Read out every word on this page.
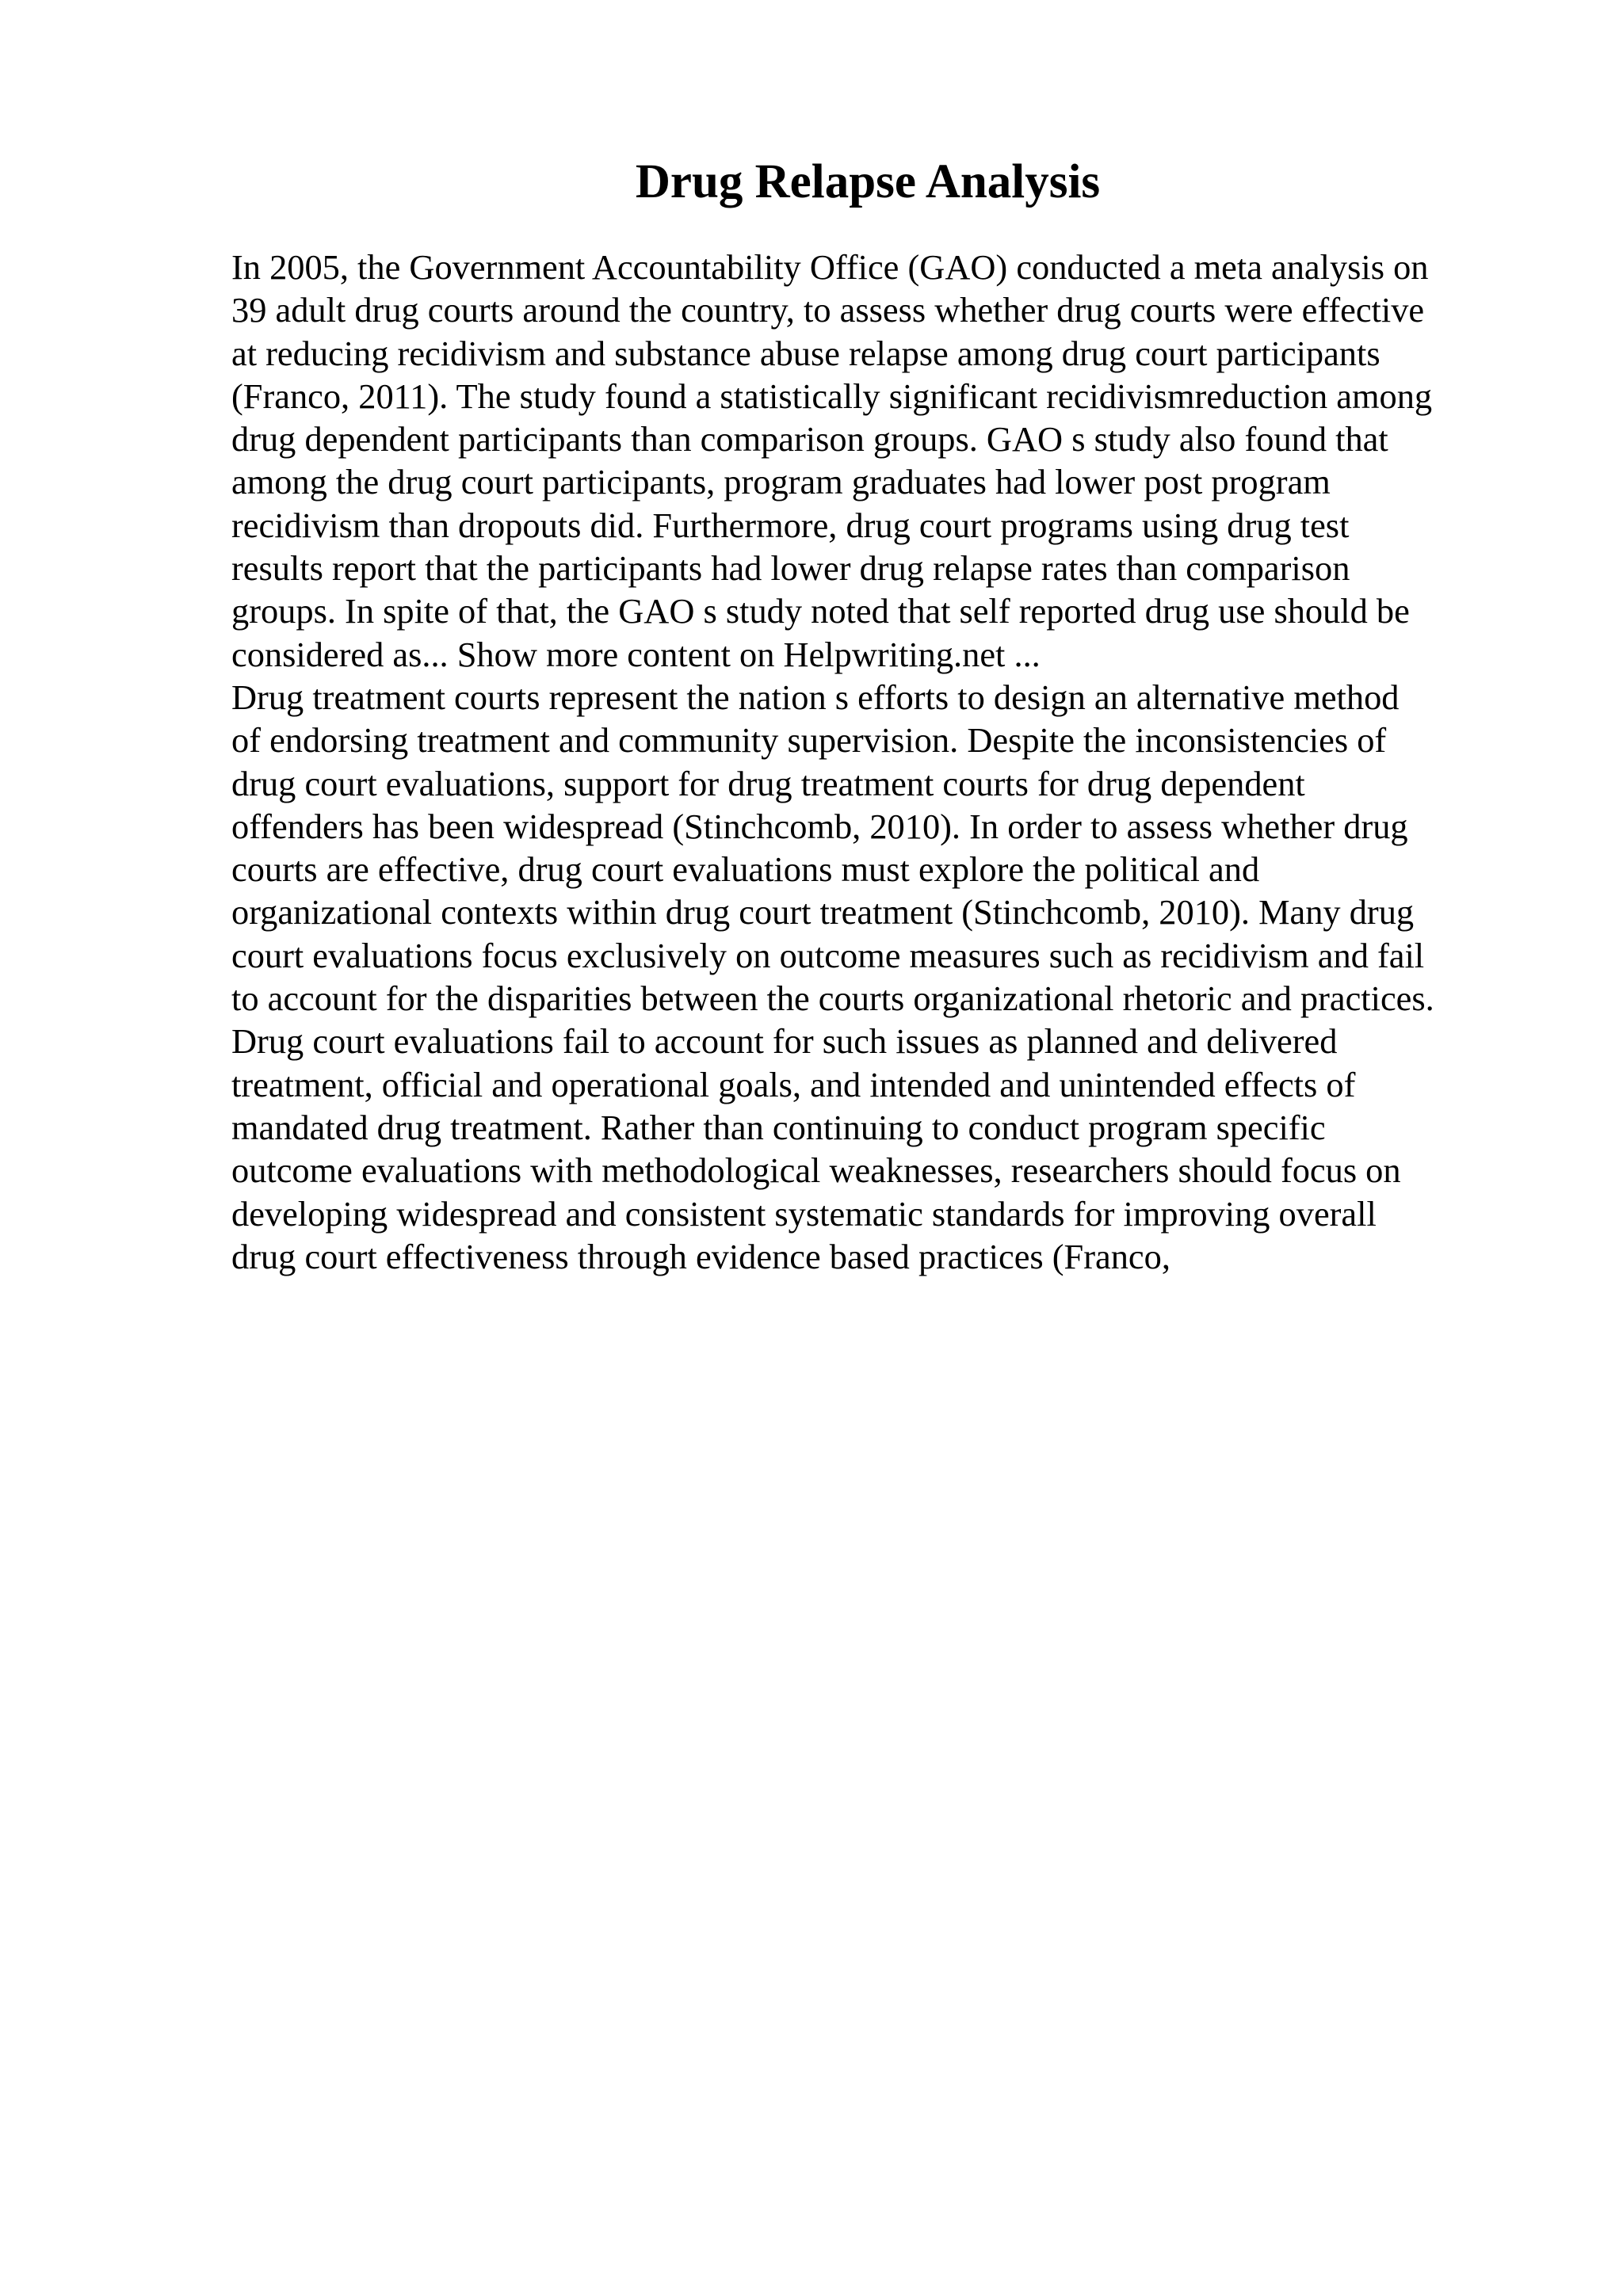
Drug Relapse Analysis
In 2005, the Government Accountability Office (GAO) conducted a meta analysis on
39 adult drug courts around the country, to assess whether drug courts were effective
at reducing recidivism and substance abuse relapse among drug court participants
(Franco, 2011). The study found a statistically significant recidivismreduction among
drug dependent participants than comparison groups. GAO s study also found that
among the drug court participants, program graduates had lower post program
recidivism than dropouts did. Furthermore, drug court programs using drug test
results report that the participants had lower drug relapse rates than comparison
groups. In spite of that, the GAO s study noted that self reported drug use should be
considered as... Show more content on Helpwriting.net ...
Drug treatment courts represent the nation s efforts to design an alternative method
of endorsing treatment and community supervision. Despite the inconsistencies of
drug court evaluations, support for drug treatment courts for drug dependent
offenders has been widespread (Stinchcomb, 2010). In order to assess whether drug
courts are effective, drug court evaluations must explore the political and
organizational contexts within drug court treatment (Stinchcomb, 2010). Many drug
court evaluations focus exclusively on outcome measures such as recidivism and fail
to account for the disparities between the courts organizational rhetoric and practices.
Drug court evaluations fail to account for such issues as planned and delivered
treatment, official and operational goals, and intended and unintended effects of
mandated drug treatment. Rather than continuing to conduct program specific
outcome evaluations with methodological weaknesses, researchers should focus on
developing widespread and consistent systematic standards for improving overall
drug court effectiveness through evidence based practices (Franco,
